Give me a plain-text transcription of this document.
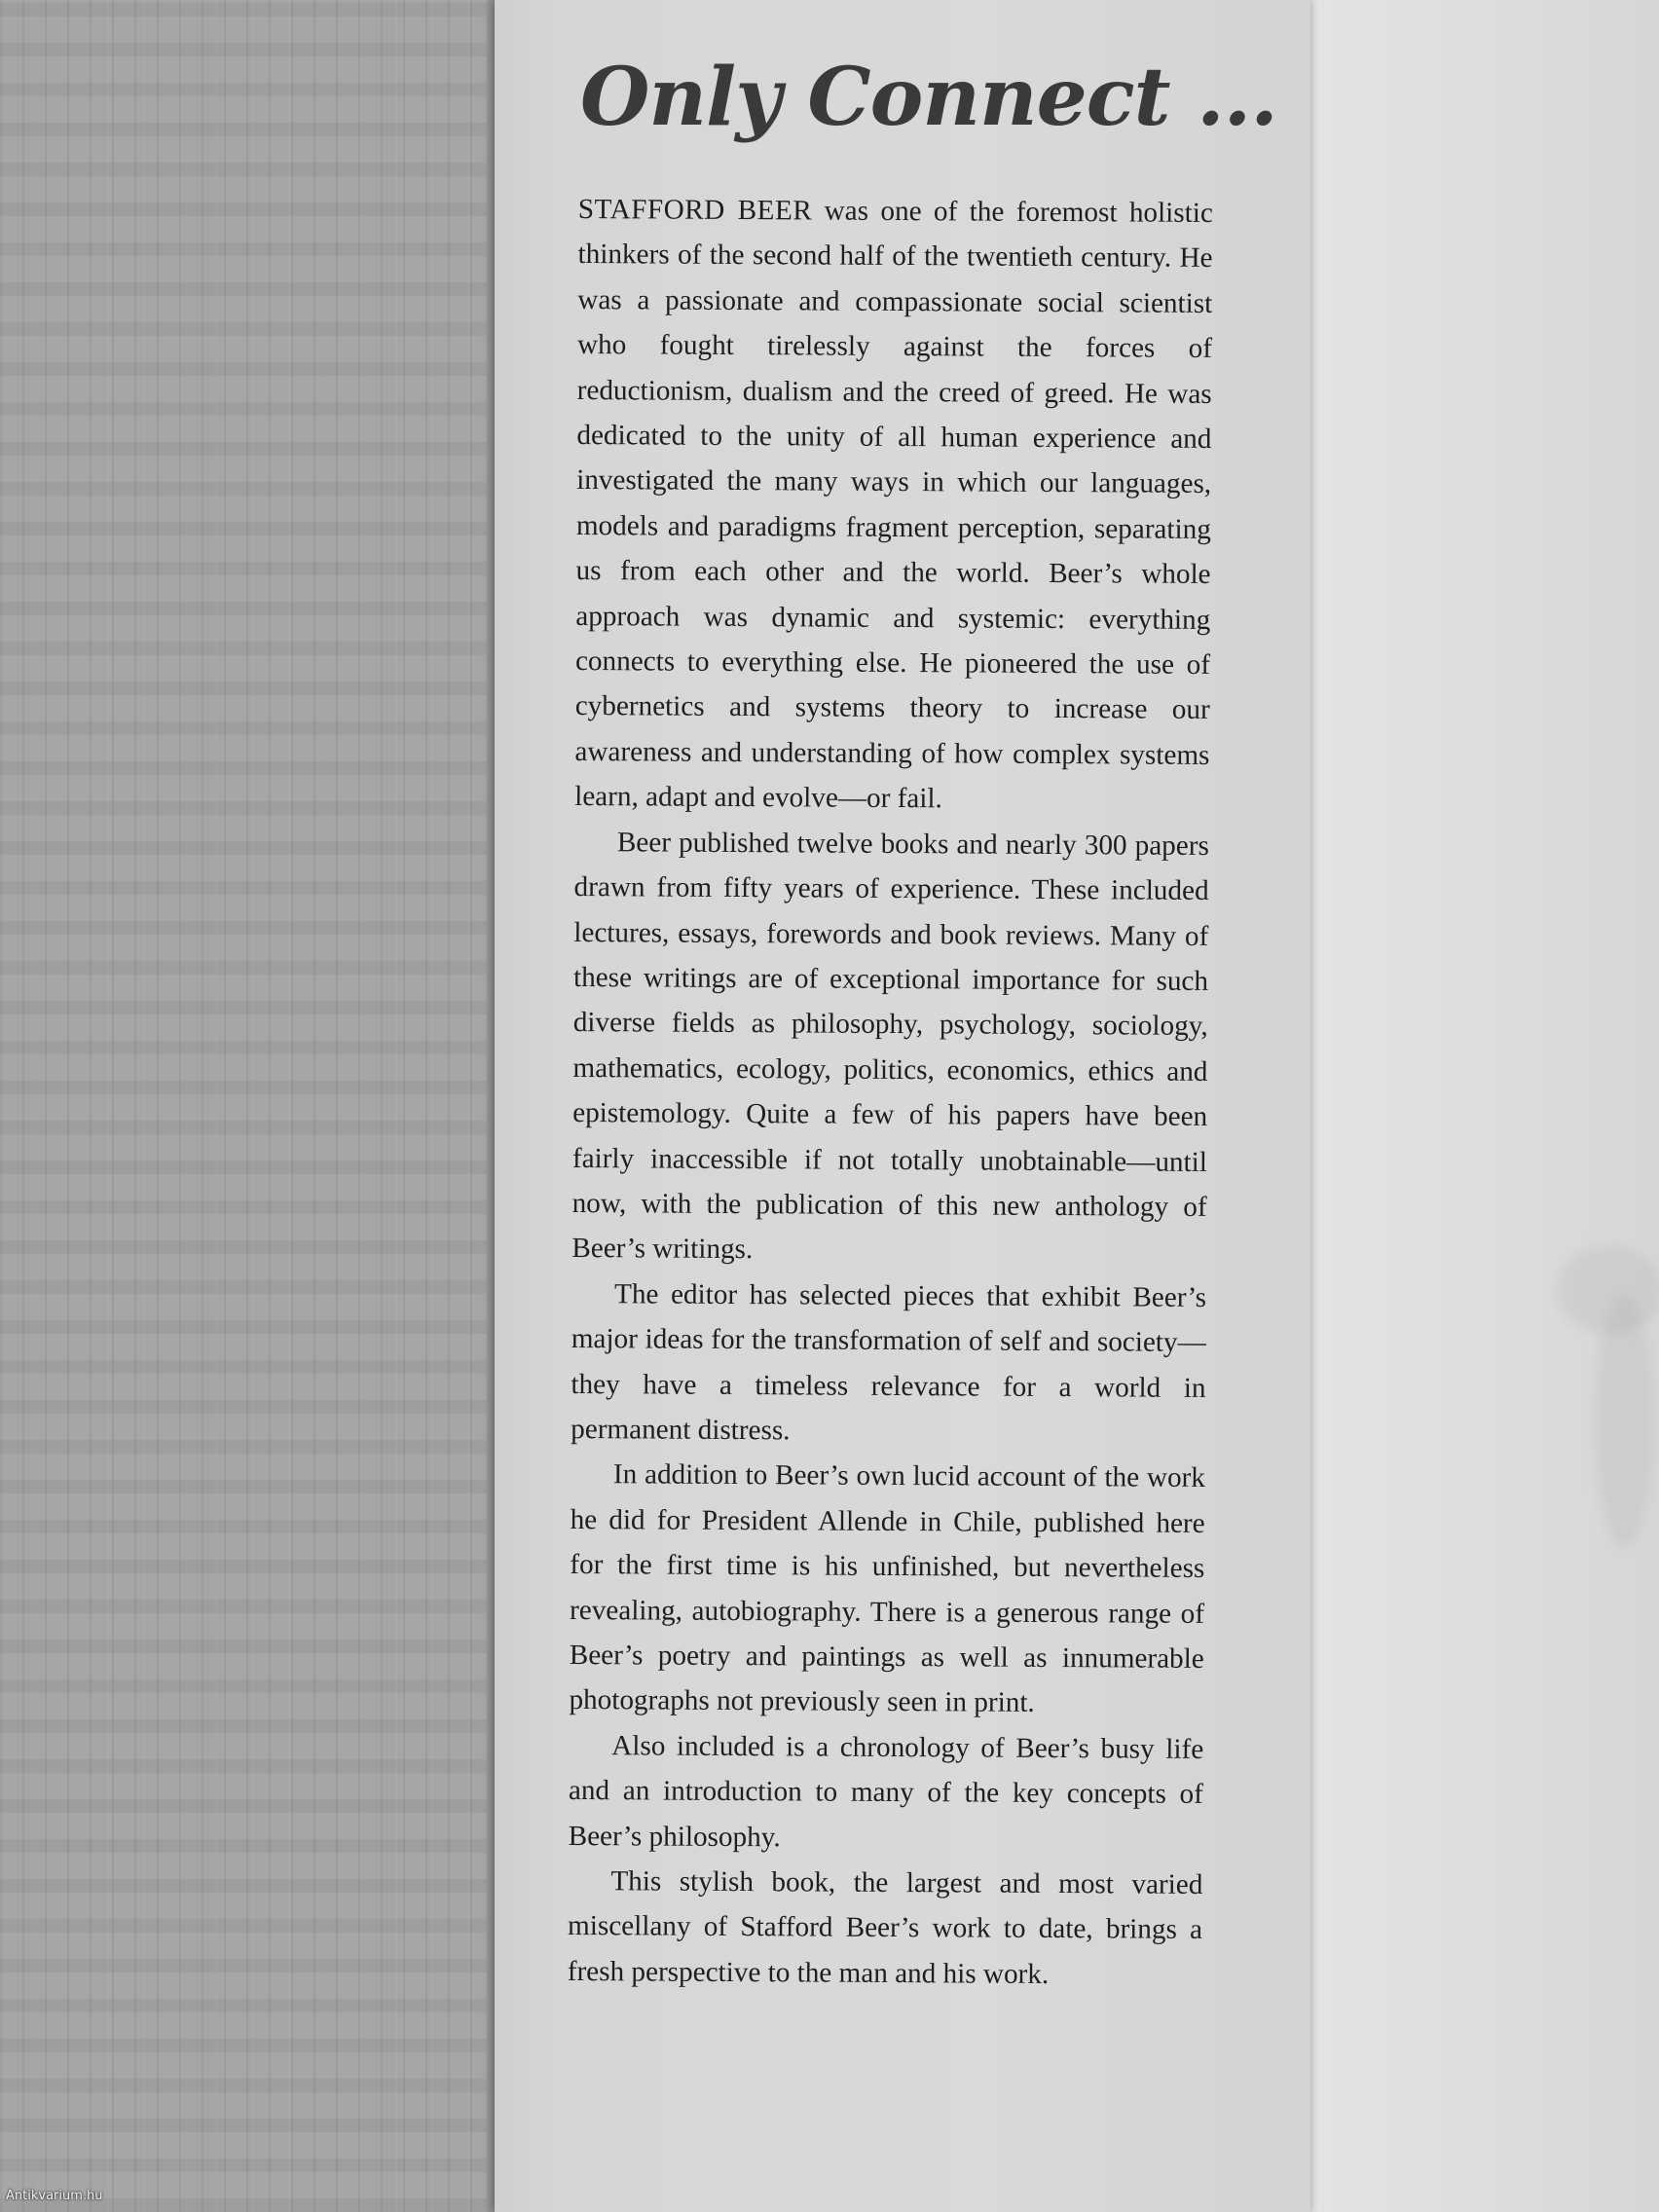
Only Connect ...

STAFFORD BEER was one of the foremost holistic thinkers of the second half of the twentieth century. He was a passionate and compassionate social scientist who fought tirelessly against the forces of reductionism, dualism and the creed of greed. He was dedicated to the unity of all human experience and investigated the many ways in which our languages, models and paradigms fragment perception, separating us from each other and the world. Beer’s whole approach was dynamic and systemic: everything connects to everything else. He pioneered the use of cybernetics and systems theory to increase our awareness and understanding of how complex systems learn, adapt and evolve—or fail.

Beer published twelve books and nearly 300 papers drawn from fifty years of experience. These included lectures, essays, forewords and book reviews. Many of these writings are of exceptional importance for such diverse fields as philosophy, psychology, sociology, mathematics, ecology, politics, economics, ethics and epistemology. Quite a few of his papers have been fairly inaccessible if not totally unobtainable—until now, with the publication of this new anthology of Beer’s writings.

The editor has selected pieces that exhibit Beer’s major ideas for the transformation of self and society—they have a timeless relevance for a world in permanent distress.

In addition to Beer’s own lucid account of the work he did for President Allende in Chile, published here for the first time is his unfinished, but nevertheless revealing, autobiography. There is a generous range of Beer’s poetry and paintings as well as innumerable photographs not previously seen in print.

Also included is a chronology of Beer’s busy life and an introduction to many of the key concepts of Beer’s philosophy.

This stylish book, the largest and most varied miscellany of Stafford Beer’s work to date, brings a fresh perspective to the man and his work.

Antikvarium.hu
